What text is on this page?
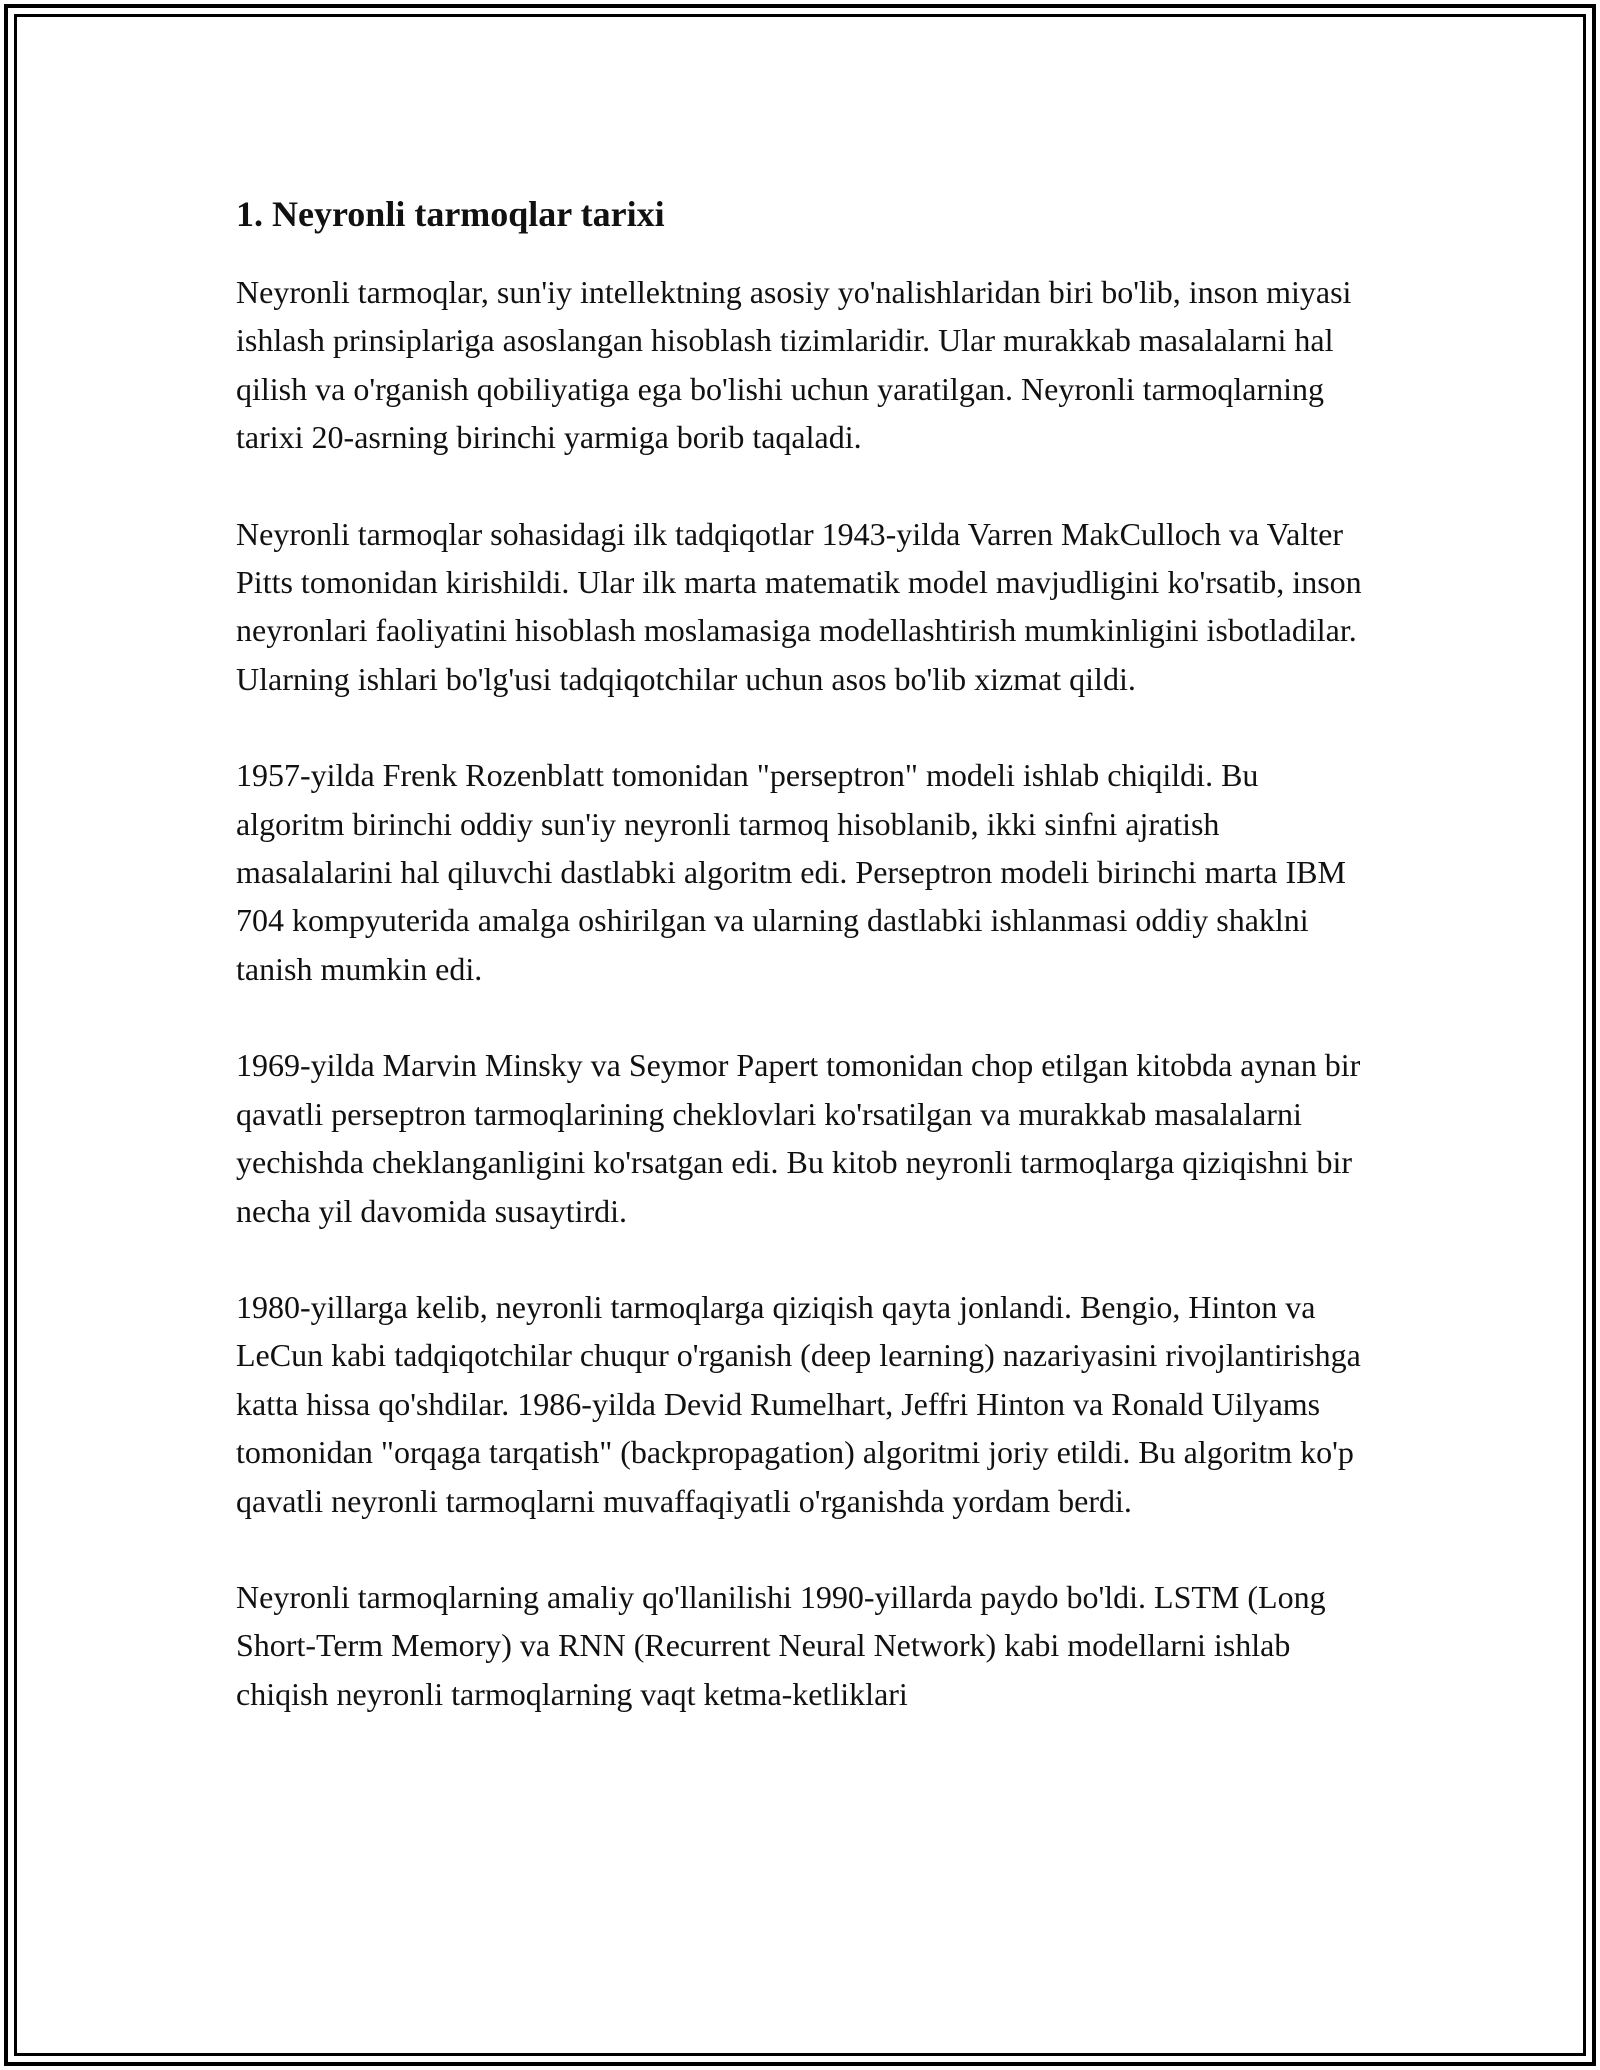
1. Neyronli tarmoqlar tarixi

Neyronli tarmoqlar, sun'iy intellektning asosiy yo'nalishlaridan biri bo'lib, inson miyasi ishlash prinsiplariga asoslangan hisoblash tizimlaridir. Ular murakkab masalalarni hal qilish va o'rganish qobiliyatiga ega bo'lishi uchun yaratilgan. Neyronli tarmoqlarning tarixi 20-asrning birinchi yarmiga borib taqaladi.

Neyronli tarmoqlar sohasidagi ilk tadqiqotlar 1943-yilda Varren MakCulloch va Valter Pitts tomonidan kirishildi. Ular ilk marta matematik model mavjudligini ko'rsatib, inson neyronlari faoliyatini hisoblash moslamasiga modellashtirish mumkinligini isbotladilar. Ularning ishlari bo'lg'usi tadqiqotchilar uchun asos bo'lib xizmat qildi.

1957-yilda Frenk Rozenblatt tomonidan "perseptron" modeli ishlab chiqildi. Bu algoritm birinchi oddiy sun'iy neyronli tarmoq hisoblanib, ikki sinfni ajratish masalalarini hal qiluvchi dastlabki algoritm edi. Perseptron modeli birinchi marta IBM 704 kompyuterida amalga oshirilgan va ularning dastlabki ishlanmasi oddiy shaklni tanish mumkin edi.

1969-yilda Marvin Minsky va Seymor Papert tomonidan chop etilgan kitobda aynan bir qavatli perseptron tarmoqlarining cheklovlari ko'rsatilgan va murakkab masalalarni yechishda cheklanganligini ko'rsatgan edi. Bu kitob neyronli tarmoqlarga qiziqishni bir necha yil davomida susaytirdi.

1980-yillarga kelib, neyronli tarmoqlarga qiziqish qayta jonlandi. Bengio, Hinton va LeCun kabi tadqiqotchilar chuqur o'rganish (deep learning) nazariyasini rivojlantirishga katta hissa qo'shdilar. 1986-yilda Devid Rumelhart, Jeffri Hinton va Ronald Uilyams tomonidan "orqaga tarqatish" (backpropagation) algoritmi joriy etildi. Bu algoritm ko'p qavatli neyronli tarmoqlarni muvaffaqiyatli o'rganishda yordam berdi.

Neyronli tarmoqlarning amaliy qo'llanilishi 1990-yillarda paydo bo'ldi. LSTM (Long Short-Term Memory) va RNN (Recurrent Neural Network) kabi modellarni ishlab chiqish neyronli tarmoqlarning vaqt ketma-ketliklari
